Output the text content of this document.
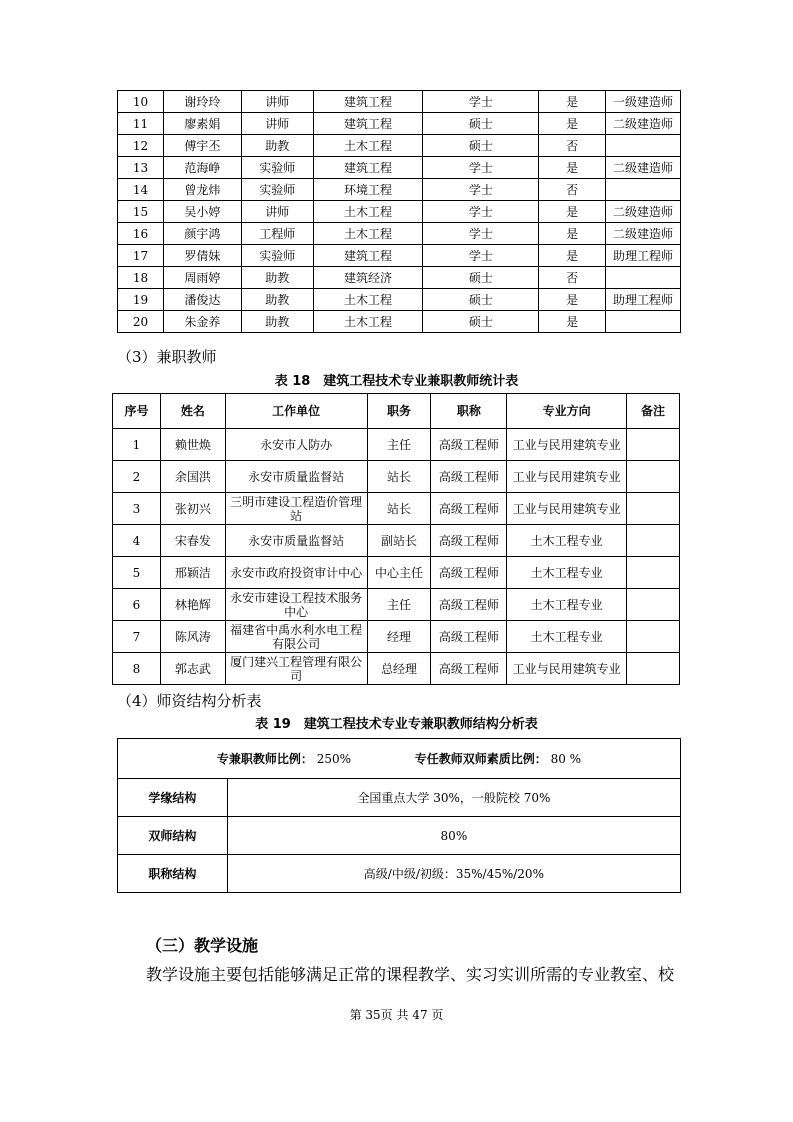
10	谢玲玲	讲师	建筑工程	学士	是	一级建造师
11	廖素娟	讲师	建筑工程	硕士	是	二级建造师
12	傅宇丕	助教	土木工程	硕士	否	
13	范海峥	实验师	建筑工程	学士	是	二级建造师
14	曾龙炜	实验师	环境工程	学士	否	
15	吴小婷	讲师	土木工程	学士	是	二级建造师
16	颜宇鸿	工程师	土木工程	学士	是	二级建造师
17	罗倩妹	实验师	建筑工程	学士	是	助理工程师
18	周雨婷	助教	建筑经济	硕士	否	
19	潘俊达	助教	土木工程	硕士	是	助理工程师
20	朱金养	助教	土木工程	硕士	是	
（3）兼职教师
表 18　建筑工程技术专业兼职教师统计表
序号	姓名	工作单位	职务	职称	专业方向	备注
1	赖世焕	永安市人防办	主任	高级工程师	工业与民用建筑专业	
2	余国洪	永安市质量监督站	站长	高级工程师	工业与民用建筑专业	
3	张初兴	三明市建设工程造价管理站	站长	高级工程师	工业与民用建筑专业	
4	宋春发	永安市质量监督站	副站长	高级工程师	土木工程专业	
5	邢颖洁	永安市政府投资审计中心	中心主任	高级工程师	土木工程专业	
6	林艳辉	永安市建设工程技术服务中心	主任	高级工程师	土木工程专业	
7	陈风涛	福建省中禹水利水电工程有限公司	经理	高级工程师	土木工程专业	
8	郭志武	厦门建兴工程管理有限公司	总经理	高级工程师	工业与民用建筑专业	
（4）师资结构分析表
表 19　建筑工程技术专业专兼职教师结构分析表
专兼职教师比例： 250% 专任教师双师素质比例： 80 %	
学缘结构	全国重点大学 30%，一般院校 70%
双师结构	80%
职称结构	高级/中级/初级：35%/45%/20%
（三）教学设施
教学设施主要包括能够满足正常的课程教学、实习实训所需的专业教室、校
第 35页 共 47 页
